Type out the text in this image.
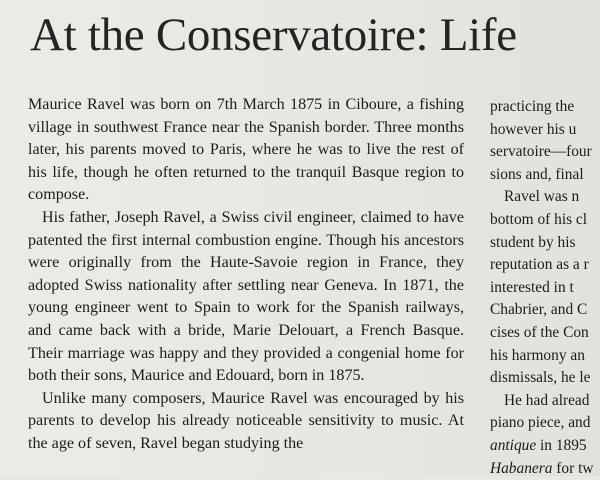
At the Conservatoire: Life

Maurice Ravel was born on 7th March 1875 in Ciboure, a fishing village in southwest France near the Spanish border. Three months later, his parents moved to Paris, where he was to live the rest of his life, though he often returned to the tranquil Basque region to compose.

His father, Joseph Ravel, a Swiss civil engineer, claimed to have patented the first internal combustion engine. Though his ancestors were originally from the Haute-Savoie region in France, they adopted Swiss nationality after settling near Geneva. In 1871, the young engineer went to Spain to work for the Spanish railways, and came back with a bride, Marie Delouart, a French Basque. Their marriage was happy and they provided a congenial home for both their sons, Maurice and Edouard, born in 1875.

Unlike many composers, Maurice Ravel was encouraged by his parents to develop his already noticeable sensitivity to music. At the age of seven, Ravel began studying the

practicing the
however his u
servatoire—four
sions and, final
Ravel was n
bottom of his cl
student by his
reputation as a r
interested in t
Chabrier, and C
cises of the Con
his harmony an
dismissals, he le
He had alread
piano piece, and
antique in 1895
Habanera for tw
